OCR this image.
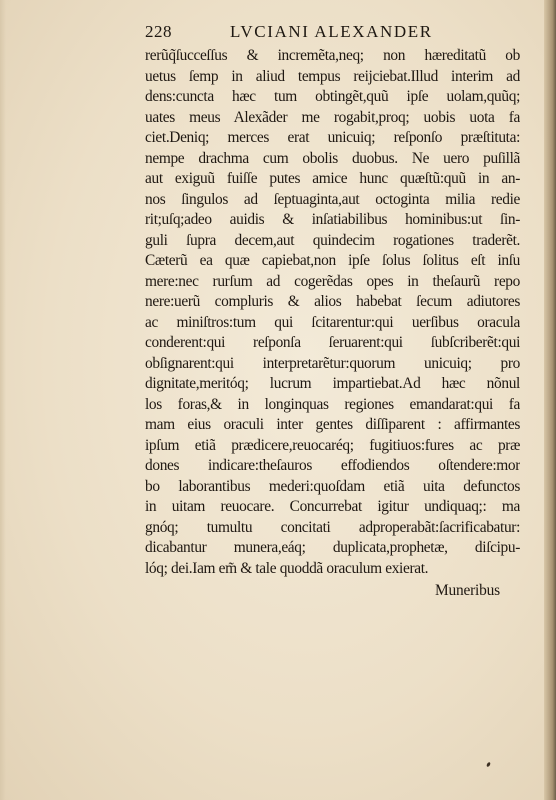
228	LVCIANI ALEXANDER
rerũq̃ſucceſſus & incremẽta,neq; non hæreditatũ ob
uetus ſemp in aliud tempus reijciebat.Illud interim ad
dens:cuncta hæc tum obtingẽt,quũ ipſe uolam,quũq;
uates meus Alexãder me rogabit,proq; uobis uota fa
ciet.Deniq; merces erat unicuiq; reſponſo præſtituta:
nempe drachma cum obolis duobus. Ne uero puſillã
aut exiguũ fuiſſe putes amice hunc quæſtũ:quũ in an-
nos ſingulos ad ſeptuaginta,aut octoginta milia redie
rit;uſq;adeo auidis & inſatiabilibus hominibus:ut ſin-
guli ſupra decem,aut quindecim rogationes traderẽt.
Cæterũ ea quæ capiebat,non ipſe ſolus ſolitus eſt inſu
mere:nec rurſum ad cogerẽdas opes in theſaurũ repo
nere:uerũ compluris & alios habebat ſecum adiutores
ac miniſtros:tum qui ſcitarentur:qui uerſibus oracula
conderent:qui reſponſa ſeruarent:qui ſubſcriberẽt:qui
obſignarent:qui interpretarẽtur:quorum unicuiq; pro
dignitate,meritóq; lucrum impartiebat.Ad hæc nõnul
los foras,& in longinquas regiones emandarat:qui fa
mam eius oraculi inter gentes diſſiparent : affirmantes
ipſum etiã prædicere,reuocaréq; fugitiuos:fures ac præ
dones indicare:theſauros effodiendos oſtendere:mor
bo laborantibus mederi:quoſdam etiã uita defunctos
in uitam reuocare. Concurrebat igitur undiquaq;: ma
gnóq; tumultu concitati adproperabãt:ſacrificabatur:
dicabantur munera,eáq; duplicata,prophetæ, diſcipu-
lóq; dei.Iam em̃ & tale quoddã oraculum exierat.
Muneribus
